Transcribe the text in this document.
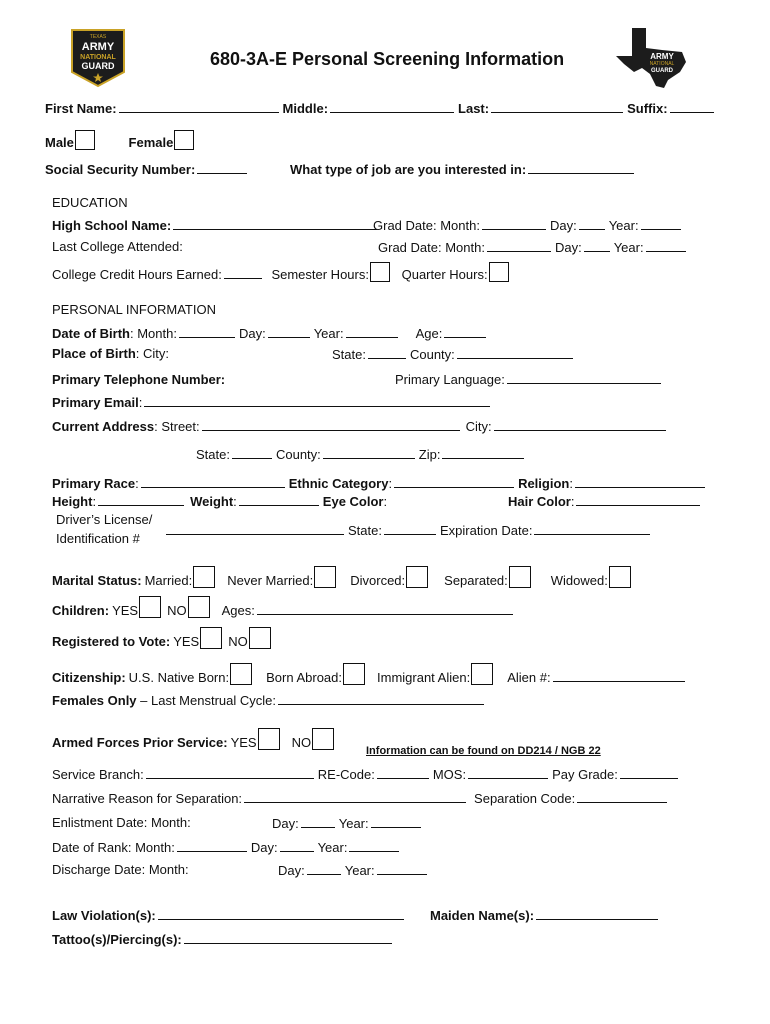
TEXAS
ARMY
NATIONAL
GUARD	680-3A-E Personal Screening Information	ARMY
NATIONAL
GUARD
First Name:	Middle:	Last:	Suffix:
Male	Female
Social Security Number:	What type of job are you interested in:
EDUCATION
High School Name:	Grad Date: Month:	Day: Year:
Last College Attended:	Grad Date: Month:	Day: Year:
College Credit Hours Earned:	Semester Hours:	Quarter Hours:
PERSONAL INFORMATION
Date of Birth: Month:	Day:	Year:	Age:
Place of Birth: City:	State:	County:
Primary Telephone Number:	Primary Language:
Primary Email:
Current Address: Street:	City:
State:	County:	Zip:
Primary Race:	Ethnic Category:	Religion:
Height:	Weight:	Eye Color:	Hair Color:
Driver’s License/
Identification #
State:	Expiration Date:
Marital Status: Married:	Never Married:	Divorced:	Separated:	Widowed:
Children: YES NO	Ages:
Registered to Vote: YES NO
Citizenship: U.S. Native Born:	Born Abroad:	Immigrant Alien:	Alien #:
Females Only – Last Menstrual Cycle:
Armed Forces Prior Service: YES	NO
Information can be found on DD214 / NGB 22
Service Branch:	RE-Code:	MOS:	Pay Grade:
Narrative Reason for Separation:	Separation Code:
Enlistment Date: Month:	Day:	Year:
Date of Rank: Month:	Day:	Year:
Discharge Date: Month:	Day:	Year:
Law Violation(s):	Maiden Name(s):
Tattoo(s)/Piercing(s):
